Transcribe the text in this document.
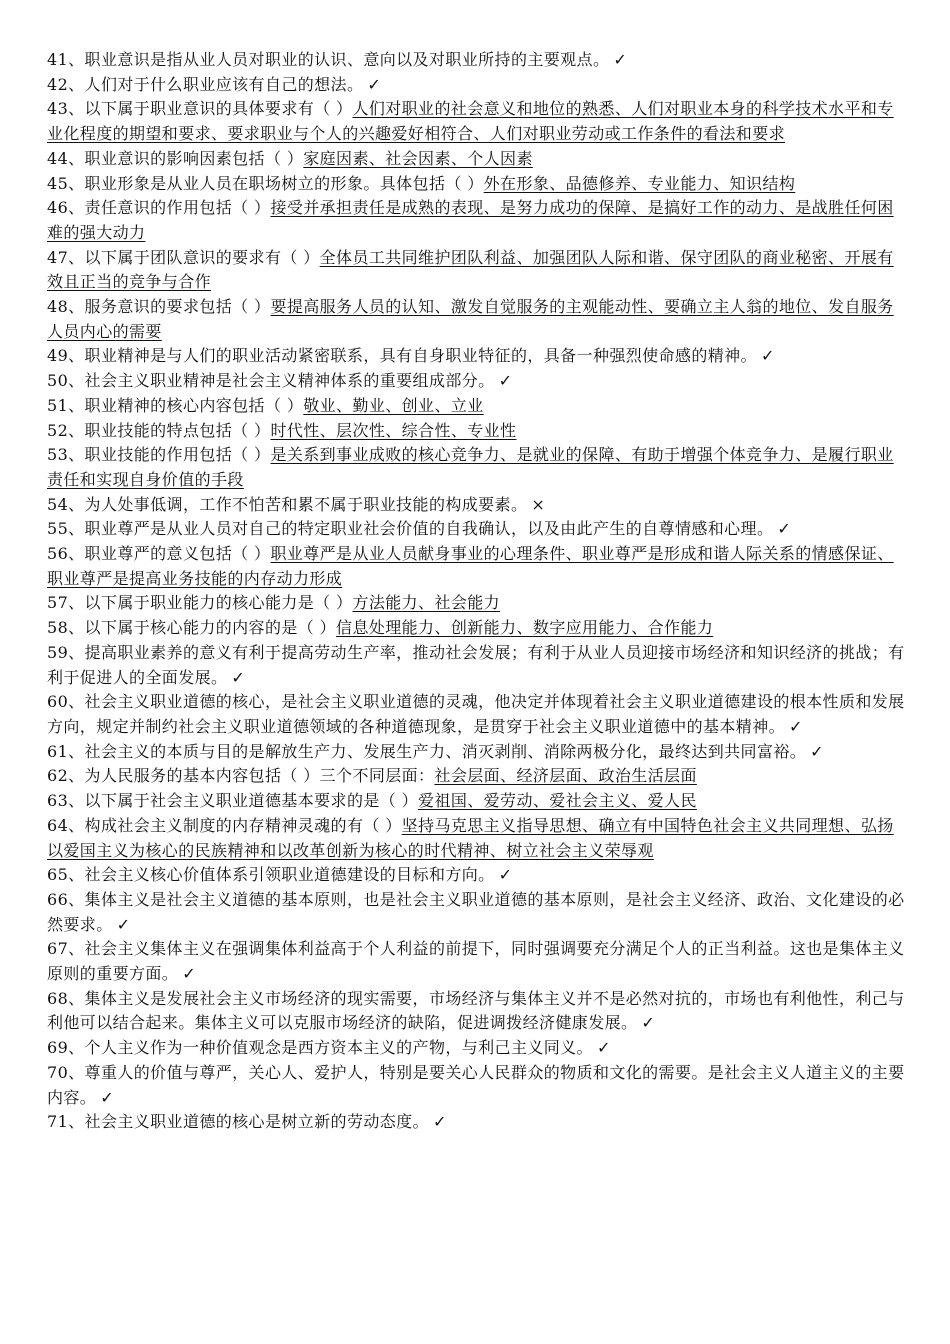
41、职业意识是指从业人员对职业的认识、意向以及对职业所持的主要观点。 ✓

42、人们对于什么职业应该有自己的想法。 ✓

43、以下属于职业意识的具体要求有（ ）人们对职业的社会意义和地位的熟悉、人们对职业本身的科学技术水平和专业化程度的期望和要求、要求职业与个人的兴趣爱好相符合、人们对职业劳动或工作条件的看法和要求

44、职业意识的影响因素包括（ ）家庭因素、社会因素、个人因素

45、职业形象是从业人员在职场树立的形象。具体包括（ ）外在形象、品德修养、专业能力、知识结构

46、责任意识的作用包括（ ）接受并承担责任是成熟的表现、是努力成功的保障、是搞好工作的动力、是战胜任何困难的强大动力

47、以下属于团队意识的要求有（ ）全体员工共同维护团队利益、加强团队人际和谐、保守团队的商业秘密、开展有效且正当的竞争与合作

48、服务意识的要求包括（ ）要提高服务人员的认知、激发自觉服务的主观能动性、要确立主人翁的地位、发自服务人员内心的需要

49、职业精神是与人们的职业活动紧密联系，具有自身职业特征的，具备一种强烈使命感的精神。 ✓

50、社会主义职业精神是社会主义精神体系的重要组成部分。 ✓

51、职业精神的核心内容包括（ ）敬业、勤业、创业、立业

52、职业技能的特点包括（ ）时代性、层次性、综合性、专业性

53、职业技能的作用包括（ ）是关系到事业成败的核心竞争力、是就业的保障、有助于增强个体竞争力、是履行职业责任和实现自身价值的手段

54、为人处事低调，工作不怕苦和累不属于职业技能的构成要素。 ×

55、职业尊严是从业人员对自己的特定职业社会价值的自我确认，以及由此产生的自尊情感和心理。 ✓

56、职业尊严的意义包括（ ）职业尊严是从业人员献身事业的心理条件、职业尊严是形成和谐人际关系的情感保证、职业尊严是提高业务技能的内存动力形成

57、以下属于职业能力的核心能力是（ ）方法能力、社会能力

58、以下属于核心能力的内容的是（ ）信息处理能力、创新能力、数字应用能力、合作能力

59、提高职业素养的意义有利于提高劳动生产率，推动社会发展；有利于从业人员迎接市场经济和知识经济的挑战；有利于促进人的全面发展。 ✓

60、社会主义职业道德的核心，是社会主义职业道德的灵魂，他决定并体现着社会主义职业道德建设的根本性质和发展方向，规定并制约社会主义职业道德领域的各种道德现象，是贯穿于社会主义职业道德中的基本精神。 ✓

61、社会主义的本质与目的是解放生产力、发展生产力、消灭剥削、消除两极分化，最终达到共同富裕。 ✓

62、为人民服务的基本内容包括（ ）三个不同层面：社会层面、经济层面、政治生活层面

63、以下属于社会主义职业道德基本要求的是（ ）爱祖国、爱劳动、爱社会主义、爱人民

64、构成社会主义制度的内存精神灵魂的有（ ）坚持马克思主义指导思想、确立有中国特色社会主义共同理想、弘扬以爱国主义为核心的民族精神和以改革创新为核心的时代精神、树立社会主义荣辱观

65、社会主义核心价值体系引领职业道德建设的目标和方向。 ✓

66、集体主义是社会主义道德的基本原则，也是社会主义职业道德的基本原则，是社会主义经济、政治、文化建设的必然要求。 ✓

67、社会主义集体主义在强调集体利益高于个人利益的前提下，同时强调要充分满足个人的正当利益。这也是集体主义原则的重要方面。 ✓

68、集体主义是发展社会主义市场经济的现实需要，市场经济与集体主义并不是必然对抗的，市场也有利他性，利己与利他可以结合起来。集体主义可以克服市场经济的缺陷，促进调拨经济健康发展。 ✓

69、个人主义作为一种价值观念是西方资本主义的产物，与利己主义同义。 ✓

70、尊重人的价值与尊严，关心人、爱护人，特别是要关心人民群众的物质和文化的需要。是社会主义人道主义的主要内容。 ✓

71、社会主义职业道德的核心是树立新的劳动态度。 ✓
